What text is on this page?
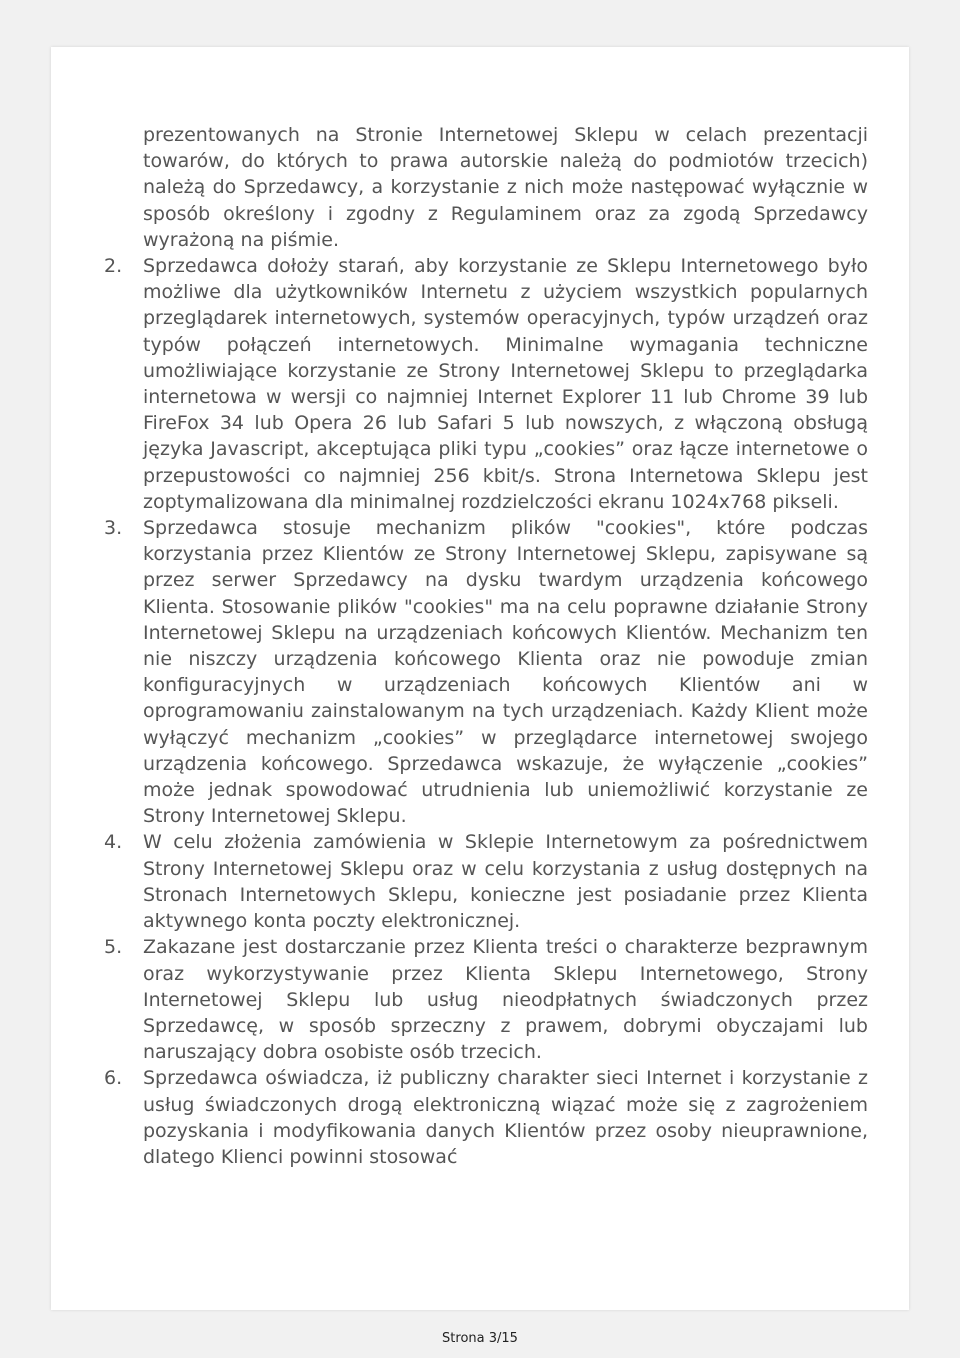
prezentowanych na Stronie Internetowej Sklepu w celach prezentacji towarów, do których to prawa autorskie należą do podmiotów trzecich) należą do Sprzedawcy, a korzystanie z nich może następować wyłącznie w sposób określony i zgodny z Regulaminem oraz za zgodą Sprzedawcy wyrażoną na piśmie.

2. Sprzedawca dołoży starań, aby korzystanie ze Sklepu Internetowego było możliwe dla użytkowników Internetu z użyciem wszystkich popularnych przeglądarek internetowych, systemów operacyjnych, typów urządzeń oraz typów połączeń internetowych. Minimalne wymagania techniczne umożliwiające korzystanie ze Strony Internetowej Sklepu to przeglądarka internetowa w wersji co najmniej Internet Explorer 11 lub Chrome 39 lub FireFox 34 lub Opera 26 lub Safari 5 lub nowszych, z włączoną obsługą języka Javascript, akceptująca pliki typu „cookies” oraz łącze internetowe o przepustowości co najmniej 256 kbit/s. Strona Internetowa Sklepu jest zoptymalizowana dla minimalnej rozdzielczości ekranu 1024x768 pikseli.
3. Sprzedawca stosuje mechanizm plików "cookies", które podczas korzystania przez Klientów ze Strony Internetowej Sklepu, zapisywane są przez serwer Sprzedawcy na dysku twardym urządzenia końcowego Klienta. Stosowanie plików "cookies" ma na celu poprawne działanie Strony Internetowej Sklepu na urządzeniach końcowych Klientów. Mechanizm ten nie niszczy urządzenia końcowego Klienta oraz nie powoduje zmian konfiguracyjnych w urządzeniach końcowych Klientów ani w oprogramowaniu zainstalowanym na tych urządzeniach. Każdy Klient może wyłączyć mechanizm „cookies” w przeglądarce internetowej swojego urządzenia końcowego. Sprzedawca wskazuje, że wyłączenie „cookies” może jednak spowodować utrudnienia lub uniemożliwić korzystanie ze Strony Internetowej Sklepu.
4. W celu złożenia zamówienia w Sklepie Internetowym za pośrednictwem Strony Internetowej Sklepu oraz w celu korzystania z usług dostępnych na Stronach Internetowych Sklepu, konieczne jest posiadanie przez Klienta aktywnego konta poczty elektronicznej.
5. Zakazane jest dostarczanie przez Klienta treści o charakterze bezprawnym oraz wykorzystywanie przez Klienta Sklepu Internetowego, Strony Internetowej Sklepu lub usług nieodpłatnych świadczonych przez Sprzedawcę, w sposób sprzeczny z prawem, dobrymi obyczajami lub naruszający dobra osobiste osób trzecich.
6. Sprzedawca oświadcza, iż publiczny charakter sieci Internet i korzystanie z usług świadczonych drogą elektroniczną wiązać może się z zagrożeniem pozyskania i modyfikowania danych Klientów przez osoby nieuprawnione, dlatego Klienci powinni stosować
Strona 3/15
